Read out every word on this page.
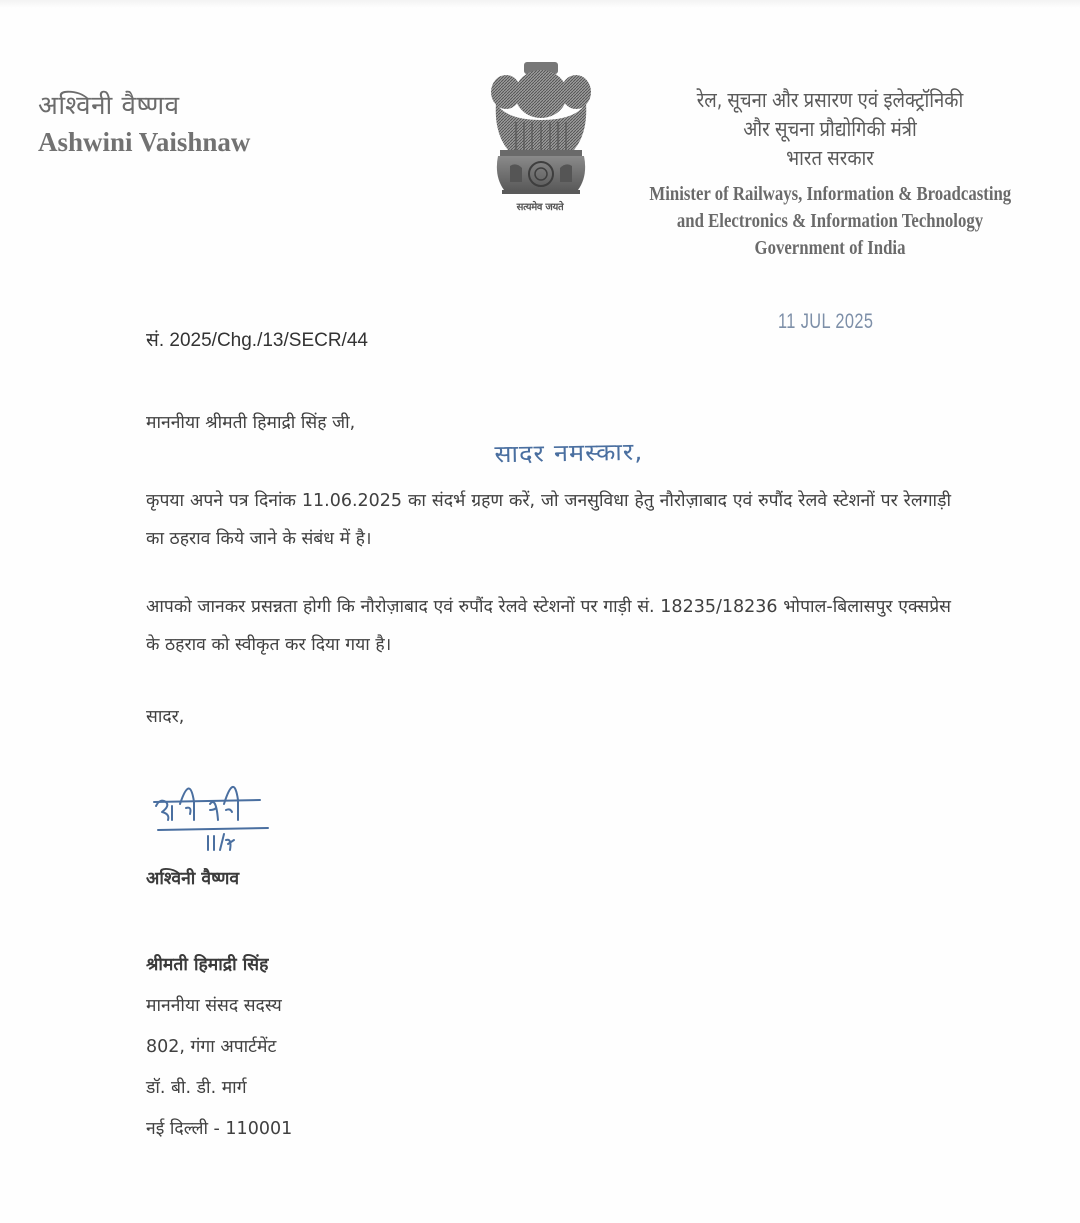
अश्विनी वैष्णव
Ashwini Vaishnaw
सत्यमेव जयते
रेल, सूचना और प्रसारण एवं इलेक्ट्रॉनिकी
और सूचना प्रौद्योगिकी मंत्री
भारत सरकार
Minister of Railways, Information & Broadcasting
and Electronics & Information Technology
Government of India
11 JUL 2025
सं. 2025/Chg./13/SECR/44
माननीया श्रीमती हिमाद्री सिंह जी,
सादर नमस्कार,
कृपया अपने पत्र दिनांक 11.06.2025 का संदर्भ ग्रहण करें, जो जनसुविधा हेतु नौरोज़ाबाद एवं रुपौंद रेलवे स्टेशनों पर रेलगाड़ी का ठहराव किये जाने के संबंध में है।
आपको जानकर प्रसन्नता होगी कि नौरोज़ाबाद एवं रुपौंद रेलवे स्टेशनों पर गाड़ी सं. 18235/18236 भोपाल-बिलासपुर एक्सप्रेस के ठहराव को स्वीकृत कर दिया गया है।
सादर,
अश्विनी वैष्णव
श्रीमती हिमाद्री सिंह
माननीया संसद सदस्य
802, गंगा अपार्टमेंट
डॉ. बी. डी. मार्ग
नई दिल्ली - 110001
